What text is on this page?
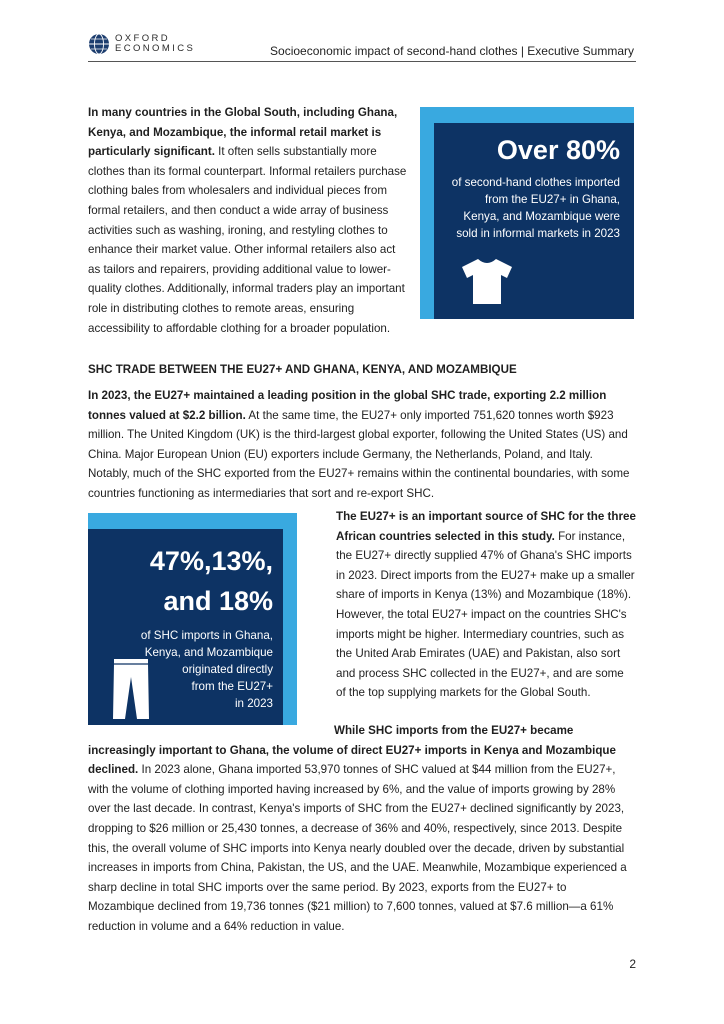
OXFORD
ECONOMICS	Socioeconomic impact of second-hand clothes | Executive Summary

In many countries in the Global South, including Ghana, Kenya, and Mozambique, the informal retail market is particularly significant. It often sells substantially more clothes than its formal counterpart. Informal retailers purchase clothing bales from wholesalers and individual pieces from formal retailers, and then conduct a wide array of business activities such as washing, ironing, and restyling clothes to enhance their market value. Other informal retailers also act as tailors and repairers, providing additional value to lower-quality clothes. Additionally, informal traders play an important role in distributing clothes to remote areas, ensuring accessibility to affordable clothing for a broader population.

Over 80%
of second-hand clothes imported from the EU27+ in Ghana, Kenya, and Mozambique were sold in informal markets in 2023
SHC TRADE BETWEEN THE EU27+ AND GHANA, KENYA, AND MOZAMBIQUE

In 2023, the EU27+ maintained a leading position in the global SHC trade, exporting 2.2 million tonnes valued at $2.2 billion. At the same time, the EU27+ only imported 751,620 tonnes worth $923 million. The United Kingdom (UK) is the third-largest global exporter, following the United States (US) and China. Major European Union (EU) exporters include Germany, the Netherlands, Poland, and Italy. Notably, much of the SHC exported from the EU27+ remains within the continental boundaries, with some countries functioning as intermediaries that sort and re-export SHC.

47%,13%, and 18%
of SHC imports in Ghana,
Kenya, and Mozambique
originated directly
from the EU27+
in 2023

The EU27+ is an important source of SHC for the three African countries selected in this study. For instance, the EU27+ directly supplied 47% of Ghana's SHC imports in 2023. Direct imports from the EU27+ make up a smaller share of imports in Kenya (13%) and Mozambique (18%). However, the total EU27+ impact on the countries SHC's imports might be higher. Intermediary countries, such as the United Arab Emirates (UAE) and Pakistan, also sort and process SHC collected in the EU27+, and are some of the top supplying markets for the Global South.

While SHC imports from the EU27+ became increasingly important to Ghana, the volume of direct EU27+ imports in Kenya and Mozambique declined. In 2023 alone, Ghana imported 53,970 tonnes of SHC valued at $44 million from the EU27+, with the volume of clothing imported having increased by 6%, and the value of imports growing by 28% over the last decade. In contrast, Kenya's imports of SHC from the EU27+ declined significantly by 2023, dropping to $26 million or 25,430 tonnes, a decrease of 36% and 40%, respectively, since 2013. Despite this, the overall volume of SHC imports into Kenya nearly doubled over the decade, driven by substantial increases in imports from China, Pakistan, the US, and the UAE. Meanwhile, Mozambique experienced a sharp decline in total SHC imports over the same period. By 2023, exports from the EU27+ to Mozambique declined from 19,736 tonnes ($21 million) to 7,600 tonnes, valued at $7.6 million—a 61% reduction in volume and a 64% reduction in value.

2
